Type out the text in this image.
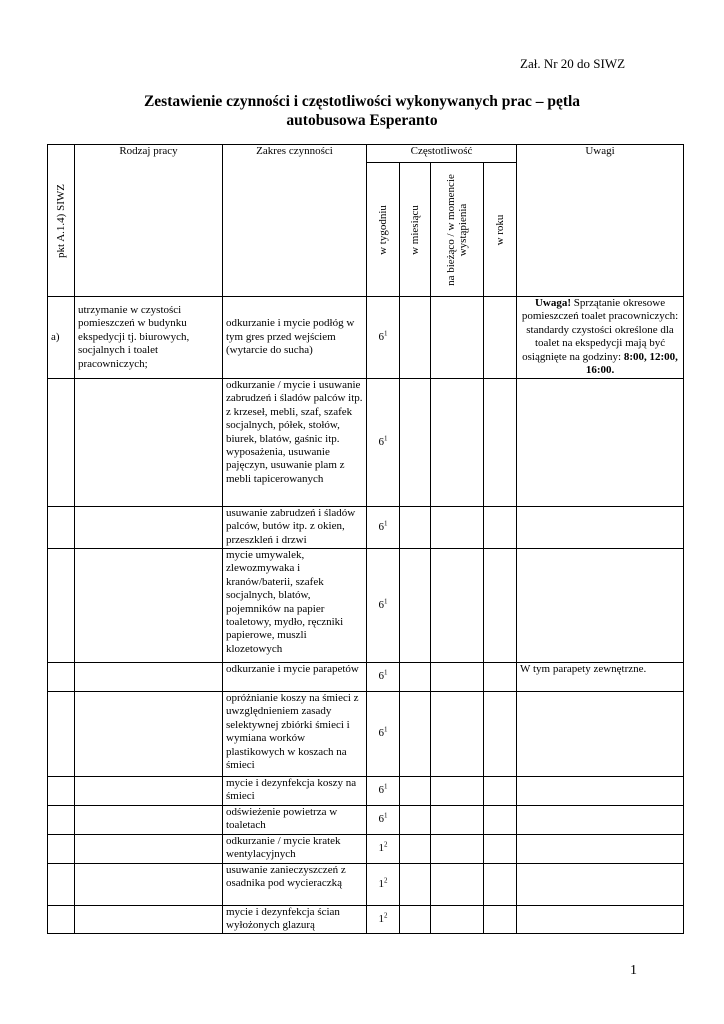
Zał. Nr 20 do SIWZ
Zestawienie czynności i częstotliwości wykonywanych prac – pętla
autobusowa Esperanto
pkt A.1.4) SIWZ	Rodzaj pracy	Zakres czynności	Częstotliwość				Uwagi

			w tygodniu	w miesiącu	na bieżąco / w momencie wystąpienia	w roku	

a)	utrzymanie w czystości pomieszczeń w budynku ekspedycji tj. biurowych, socjalnych i toalet pracowniczych;	odkurzanie i mycie podłóg w tym gres przed wejściem (wytarcie do sucha)	$6^1$				Uwaga! Sprzątanie okresowe pomieszczeń toalet pracowniczych: standardy czystości określone dla toalet na ekspedycji mają być osiągnięte na godziny: 8:00, 12:00, 16:00.
		odkurzanie / mycie i usuwanie zabrudzeń i śladów palców itp. z krzeseł, mebli, szaf, szafek socjalnych, półek, stołów, biurek, blatów, gaśnic itp. wyposażenia, usuwanie pajęczyn, usuwanie plam z mebli tapicerowanych	$6^1$				
		usuwanie zabrudzeń i śladów palców, butów itp. z okien, przeszkleń i drzwi	$6^1$				
		mycie umywalek, zlewozmywaka i kranów/baterii, szafek socjalnych, blatów, pojemników na papier toaletowy, mydło, ręczniki papierowe, muszli klozetowych	$6^1$				
		odkurzanie i mycie parapetów	$6^1$				W tym parapety zewnętrzne.
		opróżnianie koszy na śmieci z uwzględnieniem zasady selektywnej zbiórki śmieci i wymiana worków plastikowych w koszach na śmieci	$6^1$				
		mycie i dezynfekcja koszy na śmieci	$6^1$				
		odświeżenie powietrza w toaletach	$6^1$				
		odkurzanie / mycie kratek wentylacyjnych	$1^2$				
		usuwanie zanieczyszczeń z osadnika pod wycieraczką	$1^2$				
		mycie i dezynfekcja ścian wyłożonych glazurą	$1^2$				
1
